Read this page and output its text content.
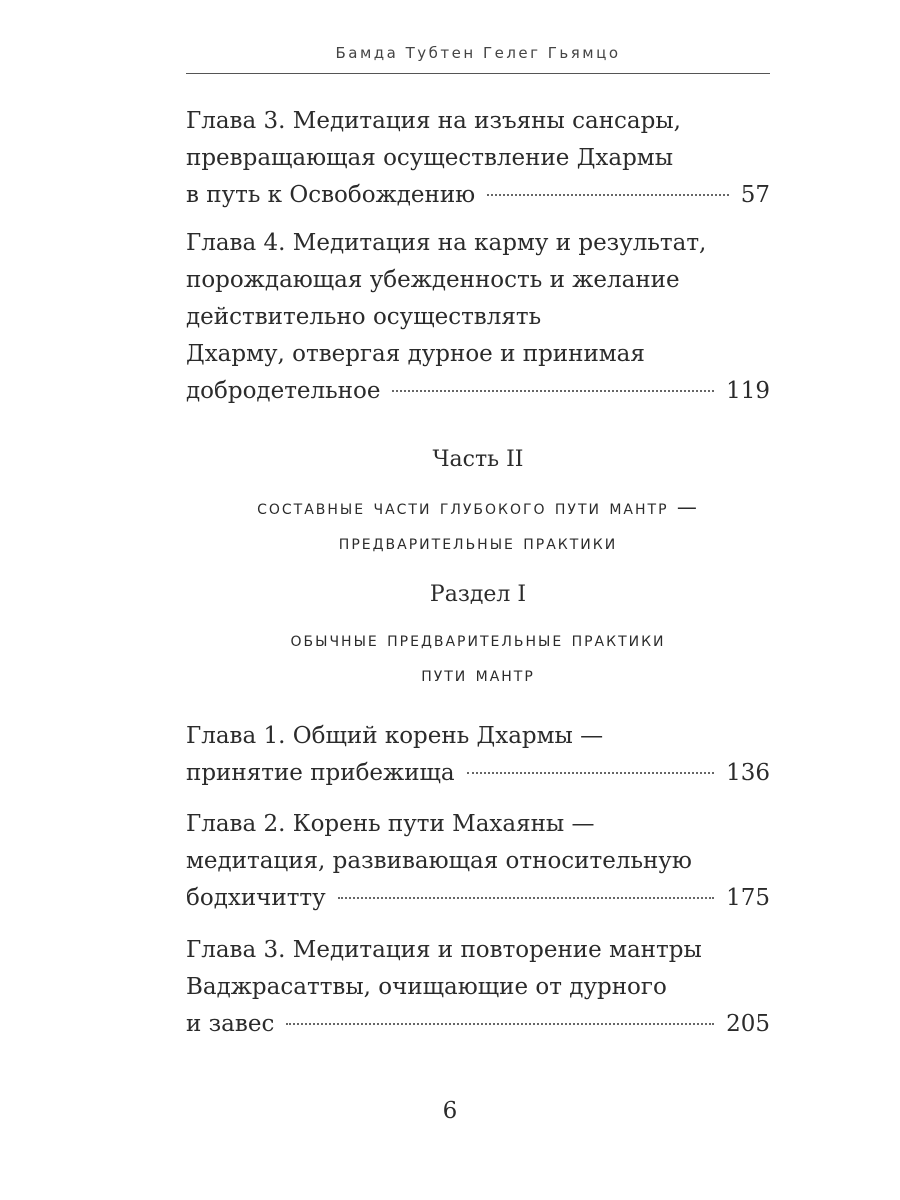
Бамда Тубтен Гелег Гьямцо
Глава 3. Медитация на изъяны сансары,
превращающая осуществление Дхармы
в путь к Освобождению	57
Глава 4. Медитация на карму и результат,
порождающая убежденность и желание
действительно осуществлять
Дхарму, отвергая дурное и принимая
добродетельное	119
Часть II
составные части глубокого пути мантр —
предварительные практики
Раздел I
обычные предварительные практики
пути мантр
Глава 1. Общий корень Дхармы —
принятие прибежища	136
Глава 2. Корень пути Махаяны —
медитация, развивающая относительную
бодхичитту	175
Глава 3. Медитация и повторение мантры
Ваджрасаттвы, очищающие от дурного
и завес	205
6
